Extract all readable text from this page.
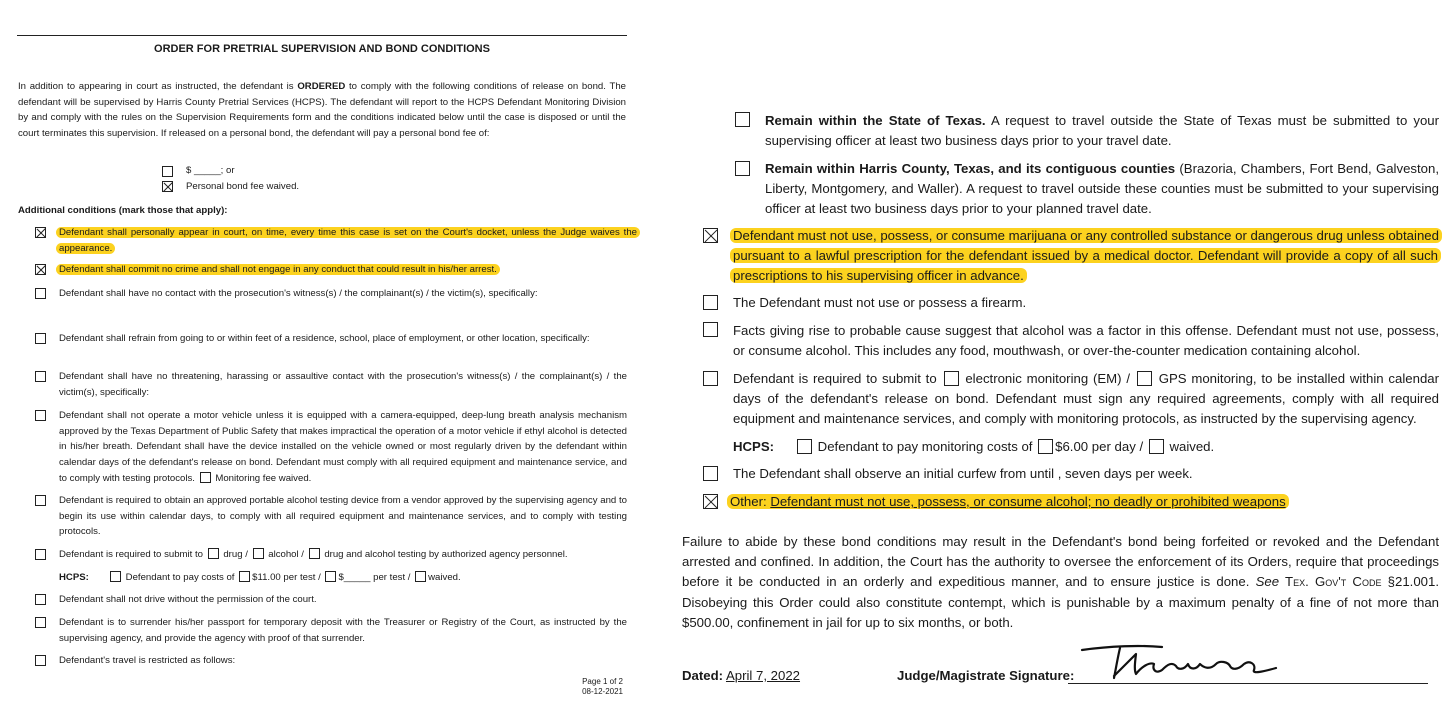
ORDER FOR PRETRIAL SUPERVISION AND BOND CONDITIONS
In addition to appearing in court as instructed, the defendant is ORDERED to comply with the following conditions of release on bond. The defendant will be supervised by Harris County Pretrial Services (HCPS). The defendant will report to the HCPS Defendant Monitoring Division by and comply with the rules on the Supervision Requirements form and the conditions indicated below until the case is disposed or until the court terminates this supervision. If released on a personal bond, the defendant will pay a personal bond fee of:
$ _____; or
Personal bond fee waived.
Additional conditions (mark those that apply):
Defendant shall personally appear in court, on time, every time this case is set on the Court's docket, unless the Judge waives the appearance.
Defendant shall commit no crime and shall not engage in any conduct that could result in his/her arrest.
Defendant shall have no contact with the prosecution's witness(s) / the complainant(s) / the victim(s), specifically:
Defendant shall refrain from going to or within feet of a residence, school, place of employment, or other location, specifically:
Defendant shall have no threatening, harassing or assaultive contact with the prosecution's witness(s) / the complainant(s) / the victim(s), specifically:
Defendant shall not operate a motor vehicle unless it is equipped with a camera-equipped, deep-lung breath analysis mechanism approved by the Texas Department of Public Safety that makes impractical the operation of a motor vehicle if ethyl alcohol is detected in his/her breath. Defendant shall have the device installed on the vehicle owned or most regularly driven by the defendant within calendar days of the defendant's release on bond. Defendant must comply with all required equipment and maintenance service, and to comply with testing protocols. Monitoring fee waived.
Defendant is required to obtain an approved portable alcohol testing device from a vendor approved by the supervising agency and to begin its use within calendar days, to comply with all required equipment and maintenance services, and to comply with testing protocols.
Defendant is required to submit to drug / alcohol / drug and alcohol testing by authorized agency personnel.
HCPS:	Defendant to pay costs of $11.00 per test / $_____ per test / waived.
Defendant shall not drive without the permission of the court.
Defendant is to surrender his/her passport for temporary deposit with the Treasurer or Registry of the Court, as instructed by the supervising agency, and provide the agency with proof of that surrender.
Defendant's travel is restricted as follows:
Page 1 of 2
08-12-2021
Remain within the State of Texas. A request to travel outside the State of Texas must be submitted to your supervising officer at least two business days prior to your travel date.
Remain within Harris County, Texas, and its contiguous counties (Brazoria, Chambers, Fort Bend, Galveston, Liberty, Montgomery, and Waller). A request to travel outside these counties must be submitted to your supervising officer at least two business days prior to your planned travel date.
Defendant must not use, possess, or consume marijuana or any controlled substance or dangerous drug unless obtained pursuant to a lawful prescription for the defendant issued by a medical doctor. Defendant will provide a copy of all such prescriptions to his supervising officer in advance.
The Defendant must not use or possess a firearm.
Facts giving rise to probable cause suggest that alcohol was a factor in this offense. Defendant must not use, possess, or consume alcohol. This includes any food, mouthwash, or over-the-counter medication containing alcohol.
Defendant is required to submit to electronic monitoring (EM) / GPS monitoring, to be installed within calendar days of the defendant's release on bond. Defendant must sign any required agreements, comply with all required equipment and maintenance services, and comply with monitoring protocols, as instructed by the supervising agency.
HCPS:	Defendant to pay monitoring costs of $6.00 per day / waived.
The Defendant shall observe an initial curfew from until , seven days per week.
Other: Defendant must not use, possess, or consume alcohol; no deadly or prohibited weapons
Failure to abide by these bond conditions may result in the Defendant's bond being forfeited or revoked and the Defendant arrested and confined. In addition, the Court has the authority to oversee the enforcement of its Orders, require that proceedings before it be conducted in an orderly and expeditious manner, and to ensure justice is done. See Tex. Gov't Code §21.001. Disobeying this Order could also constitute contempt, which is punishable by a maximum penalty of a fine of not more than $500.00, confinement in jail for up to six months, or both.
Dated: April 7, 2022	Judge/Magistrate Signature:
